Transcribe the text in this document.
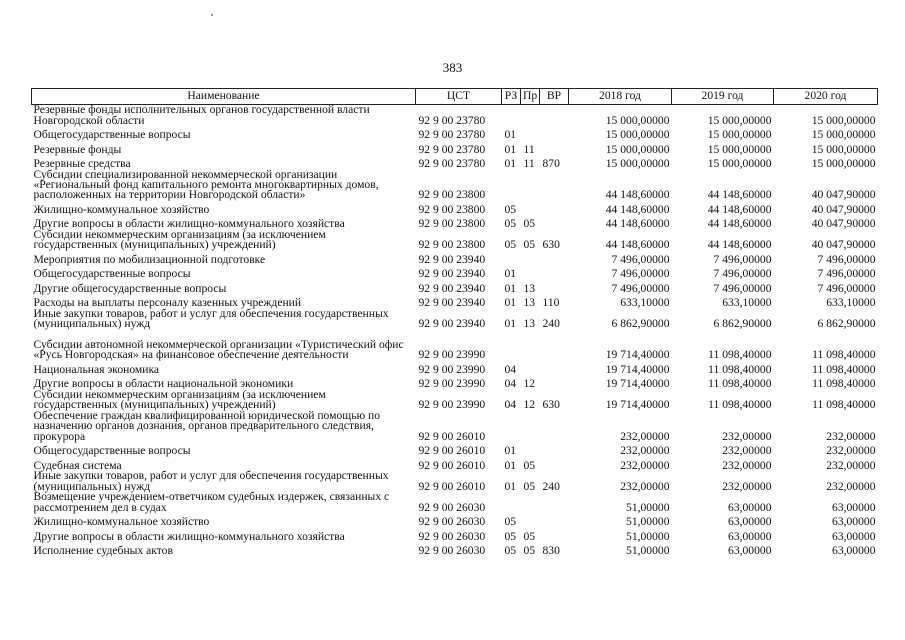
383
Наименование	ЦСТ	РЗ	Пр	ВР	2018 год	2019 год	2020 год
Резервные фонды исполнительных органов государственной власти Новгородской области	92 9 00 23780				15 000,00000	15 000,00000	15 000,00000
Общегосударственные вопросы	92 9 00 23780	01			15 000,00000	15 000,00000	15 000,00000
Резервные фонды	92 9 00 23780	01	11		15 000,00000	15 000,00000	15 000,00000
Резервные средства	92 9 00 23780	01	11	870	15 000,00000	15 000,00000	15 000,00000
Субсидии специализированной некоммерческой организации «Региональный фонд капитального ремонта многоквартирных домов, расположенных на территории Новгородской области»	92 9 00 23800				44 148,60000	44 148,60000	40 047,90000
Жилищно-коммунальное хозяйство	92 9 00 23800	05			44 148,60000	44 148,60000	40 047,90000
Другие вопросы в области жилищно-коммунального хозяйства	92 9 00 23800	05	05		44 148,60000	44 148,60000	40 047,90000
Субсидии некоммерческим организациям (за исключением государственных (муниципальных) учреждений)	92 9 00 23800	05	05	630	44 148,60000	44 148,60000	40 047,90000
Мероприятия по мобилизационной подготовке	92 9 00 23940				7 496,00000	7 496,00000	7 496,00000
Общегосударственные вопросы	92 9 00 23940	01			7 496,00000	7 496,00000	7 496,00000
Другие общегосударственные вопросы	92 9 00 23940	01	13		7 496,00000	7 496,00000	7 496,00000
Расходы на выплаты персоналу казенных учреждений	92 9 00 23940	01	13	110	633,10000	633,10000	633,10000
Иные закупки товаров, работ и услуг для обеспечения государственных (муниципальных) нужд	92 9 00 23940	01	13	240	6 862,90000	6 862,90000	6 862,90000
Субсидии автономной некоммерческой организации «Туристический офис «Русь Новгородская» на финансовое обеспечение деятельности	92 9 00 23990				19 714,40000	11 098,40000	11 098,40000
Национальная экономика	92 9 00 23990	04			19 714,40000	11 098,40000	11 098,40000
Другие вопросы в области национальной экономики	92 9 00 23990	04	12		19 714,40000	11 098,40000	11 098,40000
Субсидии некоммерческим организациям (за исключением государственных (муниципальных) учреждений)	92 9 00 23990	04	12	630	19 714,40000	11 098,40000	11 098,40000
Обеспечение граждан квалифицированной юридической помощью по назначению органов дознания, органов предварительного следствия, прокурора	92 9 00 26010				232,00000	232,00000	232,00000
Общегосударственные вопросы	92 9 00 26010	01			232,00000	232,00000	232,00000
Судебная система	92 9 00 26010	01	05		232,00000	232,00000	232,00000
Иные закупки товаров, работ и услуг для обеспечения государственных (муниципальных) нужд	92 9 00 26010	01	05	240	232,00000	232,00000	232,00000
Возмещение учреждением-ответчиком судебных издержек, связанных с рассмотрением дел в судах	92 9 00 26030				51,00000	63,00000	63,00000
Жилищно-коммунальное хозяйство	92 9 00 26030	05			51,00000	63,00000	63,00000
Другие вопросы в области жилищно-коммунального хозяйства	92 9 00 26030	05	05		51,00000	63,00000	63,00000
Исполнение судебных актов	92 9 00 26030	05	05	830	51,00000	63,00000	63,00000
